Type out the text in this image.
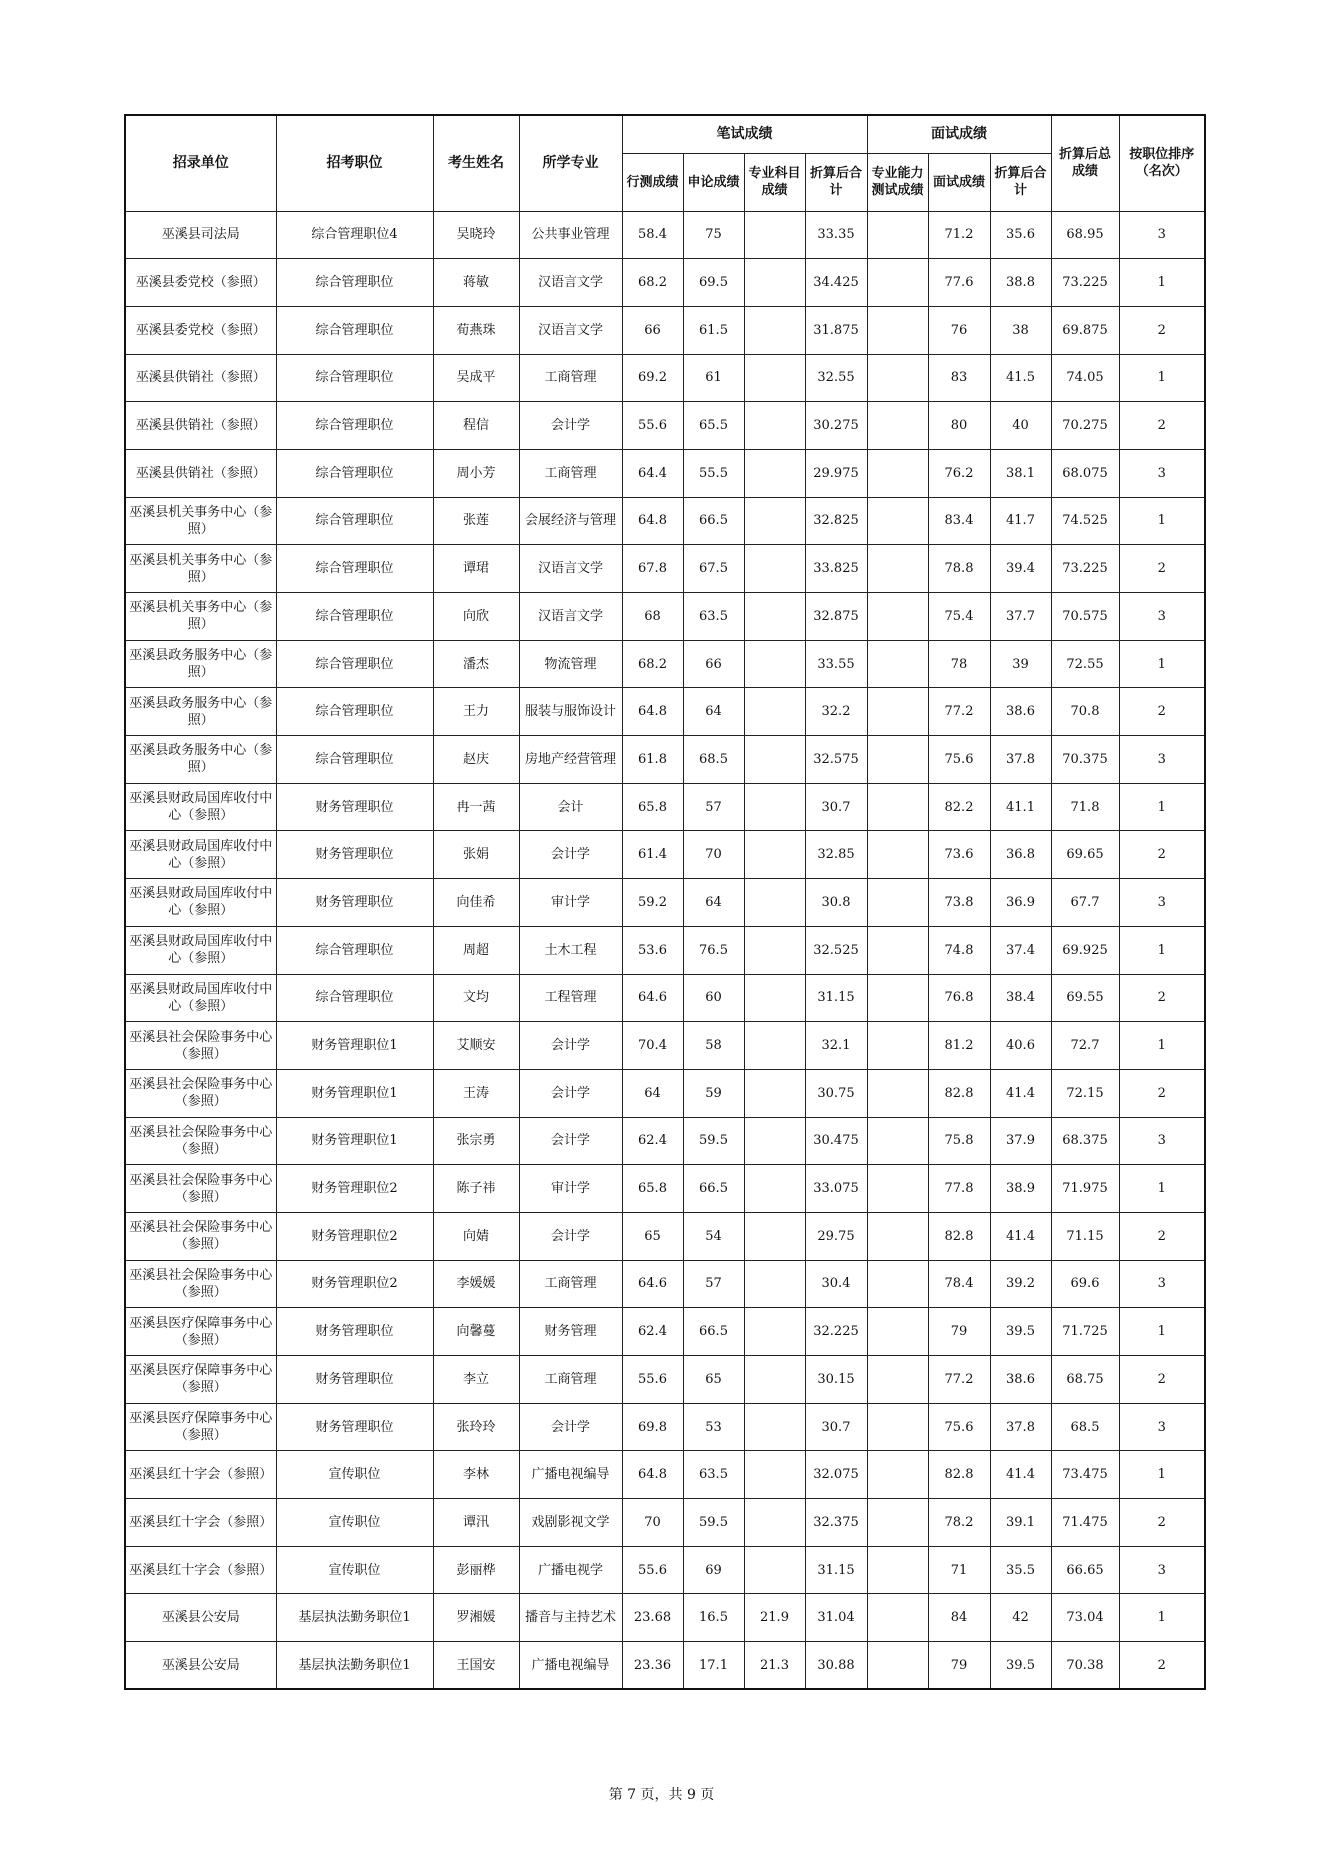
招录单位	招考职位	考生姓名	所学专业	笔试成绩				面试成绩			折算后总成绩	按职位排序（名次）
				行测成绩	申论成绩	专业科目成绩	折算后合计	专业能力测试成绩	面试成绩	折算后合计		
巫溪县司法局	综合管理职位4	吴晓玲	公共事业管理	58.4	75		33.35		71.2	35.6	68.95	3
巫溪县委党校（参照）	综合管理职位	蒋敏	汉语言文学	68.2	69.5		34.425		77.6	38.8	73.225	1
巫溪县委党校（参照）	综合管理职位	荀燕珠	汉语言文学	66	61.5		31.875		76	38	69.875	2
巫溪县供销社（参照）	综合管理职位	吴成平	工商管理	69.2	61		32.55		83	41.5	74.05	1
巫溪县供销社（参照）	综合管理职位	程信	会计学	55.6	65.5		30.275		80	40	70.275	2
巫溪县供销社（参照）	综合管理职位	周小芳	工商管理	64.4	55.5		29.975		76.2	38.1	68.075	3
巫溪县机关事务中心（参照）	综合管理职位	张莲	会展经济与管理	64.8	66.5		32.825		83.4	41.7	74.525	1
巫溪县机关事务中心（参照）	综合管理职位	谭珺	汉语言文学	67.8	67.5		33.825		78.8	39.4	73.225	2
巫溪县机关事务中心（参照）	综合管理职位	向欣	汉语言文学	68	63.5		32.875		75.4	37.7	70.575	3
巫溪县政务服务中心（参照）	综合管理职位	潘杰	物流管理	68.2	66		33.55		78	39	72.55	1
巫溪县政务服务中心（参照）	综合管理职位	王力	服装与服饰设计	64.8	64		32.2		77.2	38.6	70.8	2
巫溪县政务服务中心（参照）	综合管理职位	赵庆	房地产经营管理	61.8	68.5		32.575		75.6	37.8	70.375	3
巫溪县财政局国库收付中心（参照）	财务管理职位	冉一茜	会计	65.8	57		30.7		82.2	41.1	71.8	1
巫溪县财政局国库收付中心（参照）	财务管理职位	张娟	会计学	61.4	70		32.85		73.6	36.8	69.65	2
巫溪县财政局国库收付中心（参照）	财务管理职位	向佳希	审计学	59.2	64		30.8		73.8	36.9	67.7	3
巫溪县财政局国库收付中心（参照）	综合管理职位	周超	土木工程	53.6	76.5		32.525		74.8	37.4	69.925	1
巫溪县财政局国库收付中心（参照）	综合管理职位	文均	工程管理	64.6	60		31.15		76.8	38.4	69.55	2
巫溪县社会保险事务中心（参照）	财务管理职位1	艾顺安	会计学	70.4	58		32.1		81.2	40.6	72.7	1
巫溪县社会保险事务中心（参照）	财务管理职位1	王涛	会计学	64	59		30.75		82.8	41.4	72.15	2
巫溪县社会保险事务中心（参照）	财务管理职位1	张宗勇	会计学	62.4	59.5		30.475		75.8	37.9	68.375	3
巫溪县社会保险事务中心（参照）	财务管理职位2	陈子祎	审计学	65.8	66.5		33.075		77.8	38.9	71.975	1
巫溪县社会保险事务中心（参照）	财务管理职位2	向婧	会计学	65	54		29.75		82.8	41.4	71.15	2
巫溪县社会保险事务中心（参照）	财务管理职位2	李媛媛	工商管理	64.6	57		30.4		78.4	39.2	69.6	3
巫溪县医疗保障事务中心（参照）	财务管理职位	向馨蔓	财务管理	62.4	66.5		32.225		79	39.5	71.725	1
巫溪县医疗保障事务中心（参照）	财务管理职位	李立	工商管理	55.6	65		30.15		77.2	38.6	68.75	2
巫溪县医疗保障事务中心（参照）	财务管理职位	张玲玲	会计学	69.8	53		30.7		75.6	37.8	68.5	3
巫溪县红十字会（参照）	宣传职位	李林	广播电视编导	64.8	63.5		32.075		82.8	41.4	73.475	1
巫溪县红十字会（参照）	宣传职位	谭汛	戏剧影视文学	70	59.5		32.375		78.2	39.1	71.475	2
巫溪县红十字会（参照）	宣传职位	彭丽桦	广播电视学	55.6	69		31.15		71	35.5	66.65	3
巫溪县公安局	基层执法勤务职位1	罗湘媛	播音与主持艺术	23.68	16.5	21.9	31.04		84	42	73.04	1
巫溪县公安局	基层执法勤务职位1	王国安	广播电视编导	23.36	17.1	21.3	30.88		79	39.5	70.38	2
第 7 页，共 9 页
